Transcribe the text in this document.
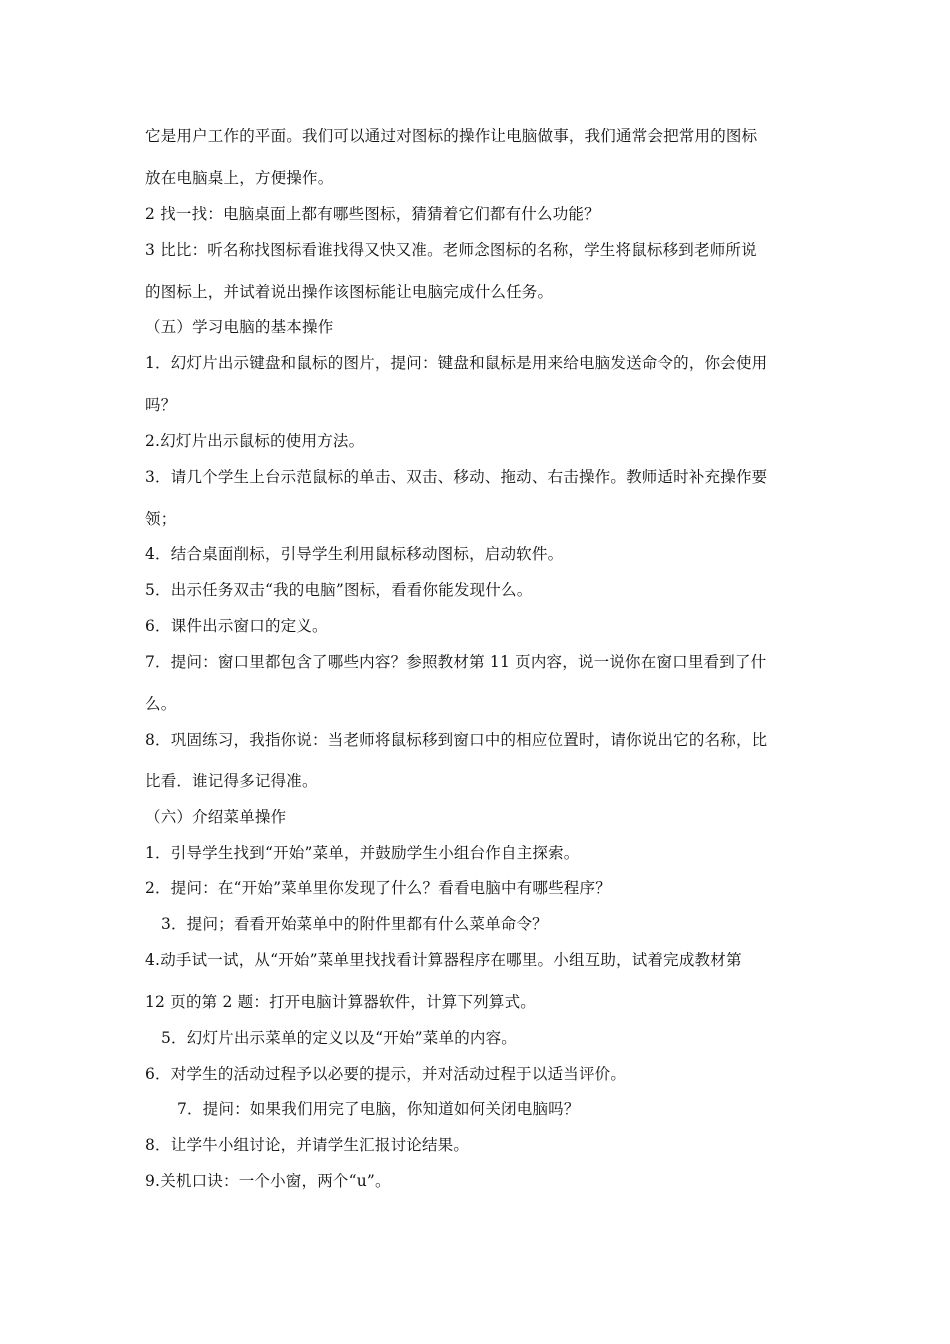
它是用户工作的平面。我们可以通过对图标的操作让电脑做事，我们通常会把常用的图标

放在电脑桌上，方便操作。

2 找一找：电脑桌面上都有哪些图标，猜猜着它们都有什么功能？

3 比比：听名称找图标看谁找得又快又准。老师念图标的名称，学生将鼠标移到老师所说

的图标上，并试着说出操作该图标能让电脑完成什么任务。

（五）学习电脑的基本操作

1．幻灯片出示键盘和鼠标的图片，提问：键盘和鼠标是用来给电脑发送命令的，你会使用

吗？

2.幻灯片出示鼠标的使用方法。

3．请几个学生上台示范鼠标的单击、双击、移动、拖动、右击操作。教师适时补充操作要

领；

4．结合桌面削标，引导学生利用鼠标移动图标，启动软件。

5．出示任务双击“我的电脑”图标，看看你能发现什么。

6．课件出示窗口的定义。

7．提问：窗口里都包含了哪些内容？参照教材第 11 页内容，说一说你在窗口里看到了什

么。

8．巩固练习，我指你说：当老师将鼠标移到窗口中的相应位置时，请你说出它的名称，比

比看．谁记得多记得准。

（六）介绍菜单操作

1．引导学生找到“开始”菜单，并鼓励学生小组台作自主探索。

2．提问：在“开始”菜单里你发现了什么？看看电脑中有哪些程序？

3．提问；看看开始菜单中的附件里都有什么菜单命令？

4.动手试一试，从“开始”菜单里找找看计算器程序在哪里。小组互助，试着完成教材第

12 页的第 2 题：打开电脑计算器软件，计算下列算式。

5．幻灯片出示菜单的定义以及“开始”菜单的内容。

6．对学生的活动过程予以必要的提示，并对活动过程于以适当评价。

7．提问：如果我们用完了电脑，你知道如何关闭电脑吗？

8．让学牛小组讨论，并请学生汇报讨论结果。

9.关机口诀：一个小窗，两个“u”。
